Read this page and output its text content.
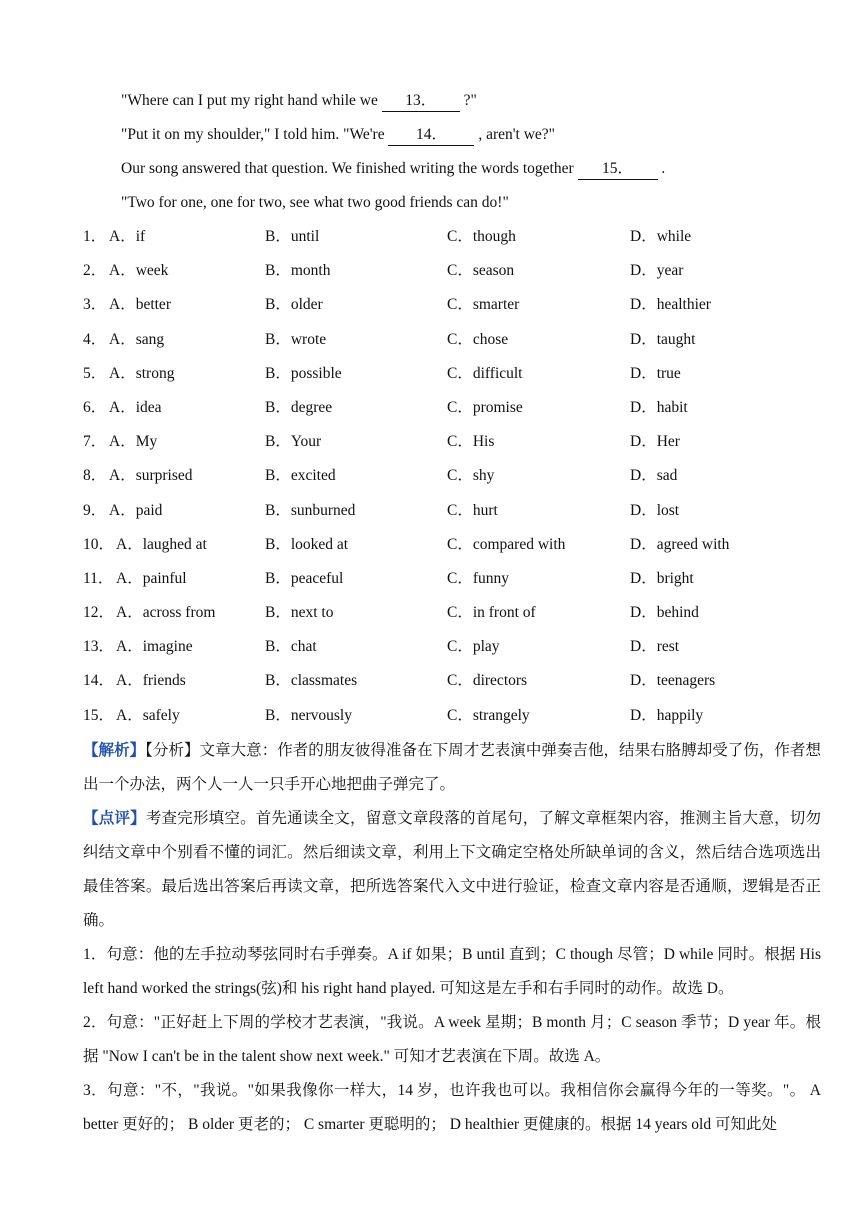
"Where can I put my right hand while we 13． ?"

"Put it on my shoulder," I told him. "We're 14． , aren't we?"

Our song answered that question. We finished writing the words together 15． .

"Two for one, one for two, see what two good friends can do!"

1． A．if	B．until	C．though	D．while
2． A．week	B．month	C．season	D．year
3． A．better	B．older	C．smarter	D．healthier
4． A．sang	B．wrote	C．chose	D．taught
5． A．strong	B．possible	C．difficult	D．true
6． A．idea	B．degree	C．promise	D．habit
7． A．My	B．Your	C．His	D．Her
8． A．surprised	B．excited	C．shy	D．sad
9． A．paid	B．sunburned	C．hurt	D．lost
10． A．laughed at	B．looked at	C．compared with	D．agreed with
11． A．painful	B．peaceful	C．funny	D．bright
12． A．across from	B．next to	C．in front of	D．behind
13． A．imagine	B．chat	C．play	D．rest
14． A．friends	B．classmates	C．directors	D．teenagers
15． A．safely	B．nervously	C．strangely	D．happily

【解析】【分析】文章大意：作者的朋友彼得准备在下周才艺表演中弹奏吉他，结果右胳膊却受了伤，作者想出一个办法，两个人一人一只手开心地把曲子弹完了。

【点评】考查完形填空。首先通读全文，留意文章段落的首尾句，了解文章框架内容，推测主旨大意，切勿纠结文章中个别看不懂的词汇。然后细读文章，利用上下文确定空格处所缺单词的含义，然后结合选项选出最佳答案。最后选出答案后再读文章，把所选答案代入文中进行验证，检查文章内容是否通顺，逻辑是否正确。

1．句意：他的左手拉动琴弦同时右手弹奏。A if 如果；B until 直到；C though 尽管；D while 同时。根据 His left hand worked the strings(弦)和 his right hand played. 可知这是左手和右手同时的动作。故选 D。

2．句意："正好赶上下周的学校才艺表演，"我说。A week 星期；B month 月；C season 季节；D year 年。根据 "Now I can't be in the talent show next week." 可知才艺表演在下周。故选 A。

3．句意："不，"我说。"如果我像你一样大，14 岁，也许我也可以。我相信你会赢得今年的一等奖。"。 A better 更好的； B older 更老的； C smarter 更聪明的； D healthier 更健康的。根据 14 years old 可知此处
